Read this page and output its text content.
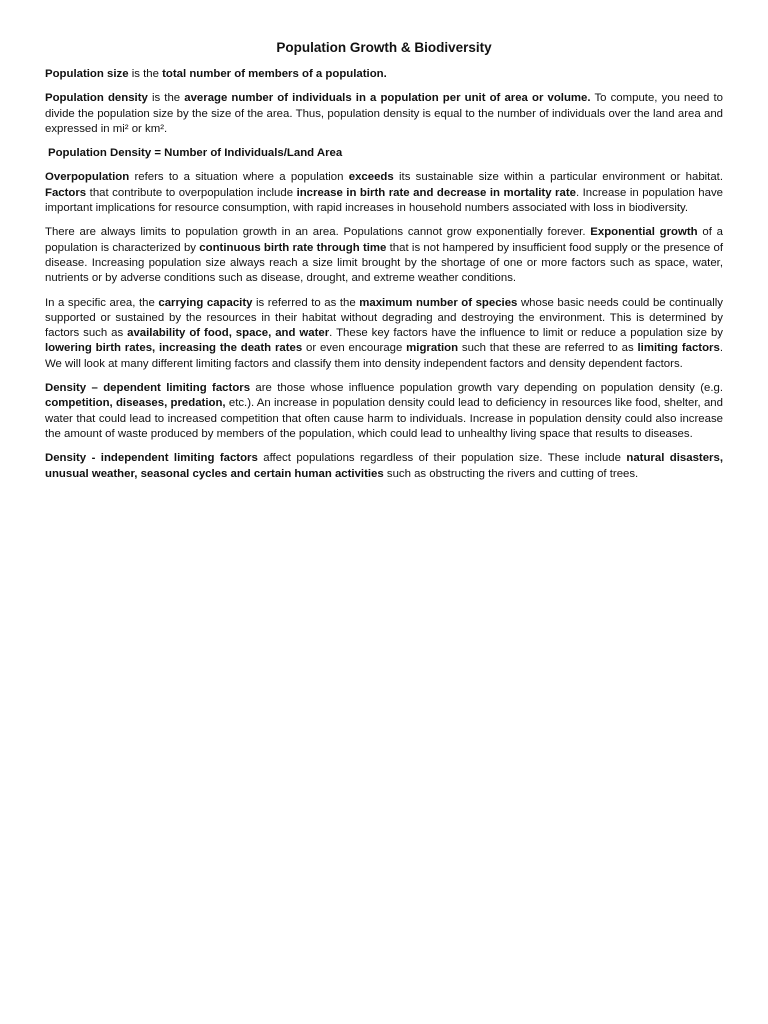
Population Growth & Biodiversity

Population size is the total number of members of a population.

Population density is the average number of individuals in a population per unit of area or volume. To compute, you need to divide the population size by the size of the area. Thus, population density is equal to the number of individuals over the land area and expressed in mi² or km².

Population Density = Number of Individuals/Land Area

Overpopulation refers to a situation where a population exceeds its sustainable size within a particular environment or habitat. Factors that contribute to overpopulation include increase in birth rate and decrease in mortality rate. Increase in population have important implications for resource consumption, with rapid increases in household numbers associated with loss in biodiversity.

There are always limits to population growth in an area. Populations cannot grow exponentially forever. Exponential growth of a population is characterized by continuous birth rate through time that is not hampered by insufficient food supply or the presence of disease. Increasing population size always reach a size limit brought by the shortage of one or more factors such as space, water, nutrients or by adverse conditions such as disease, drought, and extreme weather conditions.

In a specific area, the carrying capacity is referred to as the maximum number of species whose basic needs could be continually supported or sustained by the resources in their habitat without degrading and destroying the environment. This is determined by factors such as availability of food, space, and water. These key factors have the influence to limit or reduce a population size by lowering birth rates, increasing the death rates or even encourage migration such that these are referred to as limiting factors. We will look at many different limiting factors and classify them into density independent factors and density dependent factors.

Density – dependent limiting factors are those whose influence population growth vary depending on population density (e.g. competition, diseases, predation, etc.). An increase in population density could lead to deficiency in resources like food, shelter, and water that could lead to increased competition that often cause harm to individuals. Increase in population density could also increase the amount of waste produced by members of the population, which could lead to unhealthy living space that results to diseases.

Density - independent limiting factors affect populations regardless of their population size. These include natural disasters, unusual weather, seasonal cycles and certain human activities such as obstructing the rivers and cutting of trees.
